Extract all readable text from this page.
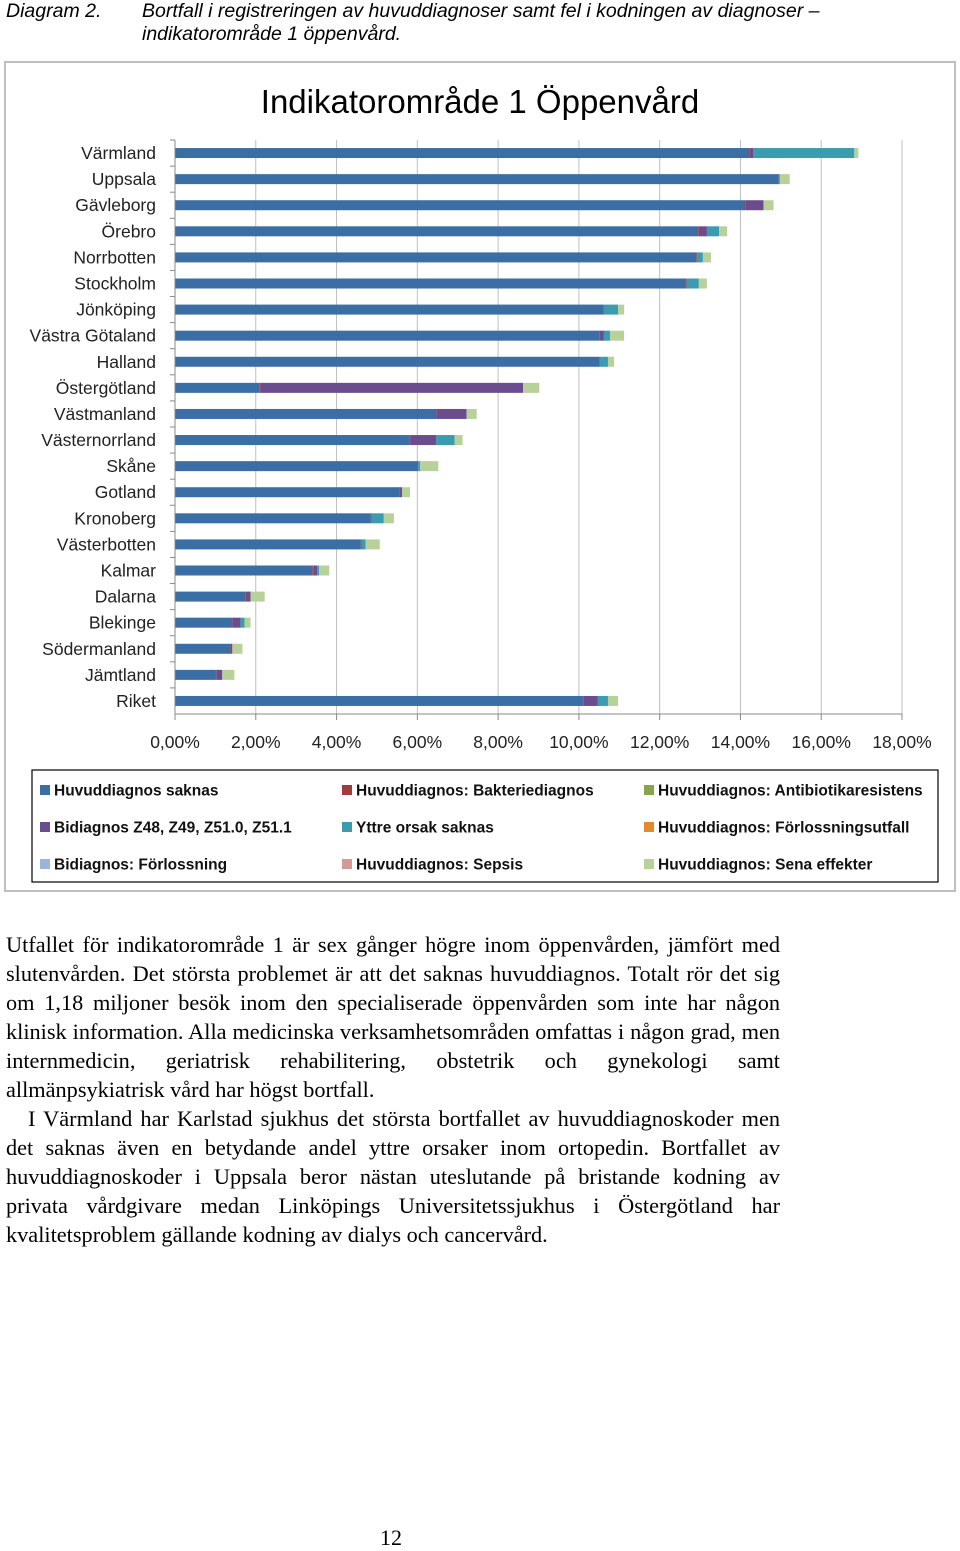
Diagram 2. Bortfall i registreringen av huvuddiagnoser samt fel i kodningen av diagnoser – indikatorområde 1 öppenvård.
Indikatorområde 1 Öppenvård
0,00% 2,00% 4,00% 6,00% 8,00% 10,00% 12,00% 14,00% 16,00% 18,00%
Värmland
Uppsala
Gävleborg
Örebro
Norrbotten
Stockholm
Jönköping
Västra Götaland
Halland
Östergötland
Västmanland
Västernorrland
Skåne
Gotland
Kronoberg
Västerbotten
Kalmar
Dalarna
Blekinge
Södermanland
Jämtland
Riket
Huvuddiagnos saknas	Huvuddiagnos: Bakteriediagnos	Huvuddiagnos: Antibiotikaresistens
Bidiagnos Z48, Z49, Z51.0, Z51.1	Yttre orsak saknas	Huvuddiagnos: Förlossningsutfall
Bidiagnos: Förlossning	Huvuddiagnos: Sepsis	Huvuddiagnos: Sena effekter

Utfallet för indikatorområde 1 är sex gånger högre inom öppenvården, jämfört med slutenvården. Det största problemet är att det saknas huvuddiagnos. Totalt rör det sig om 1,18 miljoner besök inom den specialiserade öppenvården som inte har någon klinisk information. Alla medicinska verksamhetsområden omfattas i någon grad, men internmedicin, geriatrisk rehabilitering, obstetrik och gynekologi samt allmänpsykiatrisk vård har högst bortfall.

I Värmland har Karlstad sjukhus det största bortfallet av huvuddiagnoskoder men det saknas även en betydande andel yttre orsaker inom ortopedin. Bortfallet av huvuddiagnoskoder i Uppsala beror nästan uteslutande på bristande kodning av privata vårdgivare medan Linköpings Universitetssjukhus i Östergötland har kvalitetsproblem gällande kodning av dialys och cancervård.

12
